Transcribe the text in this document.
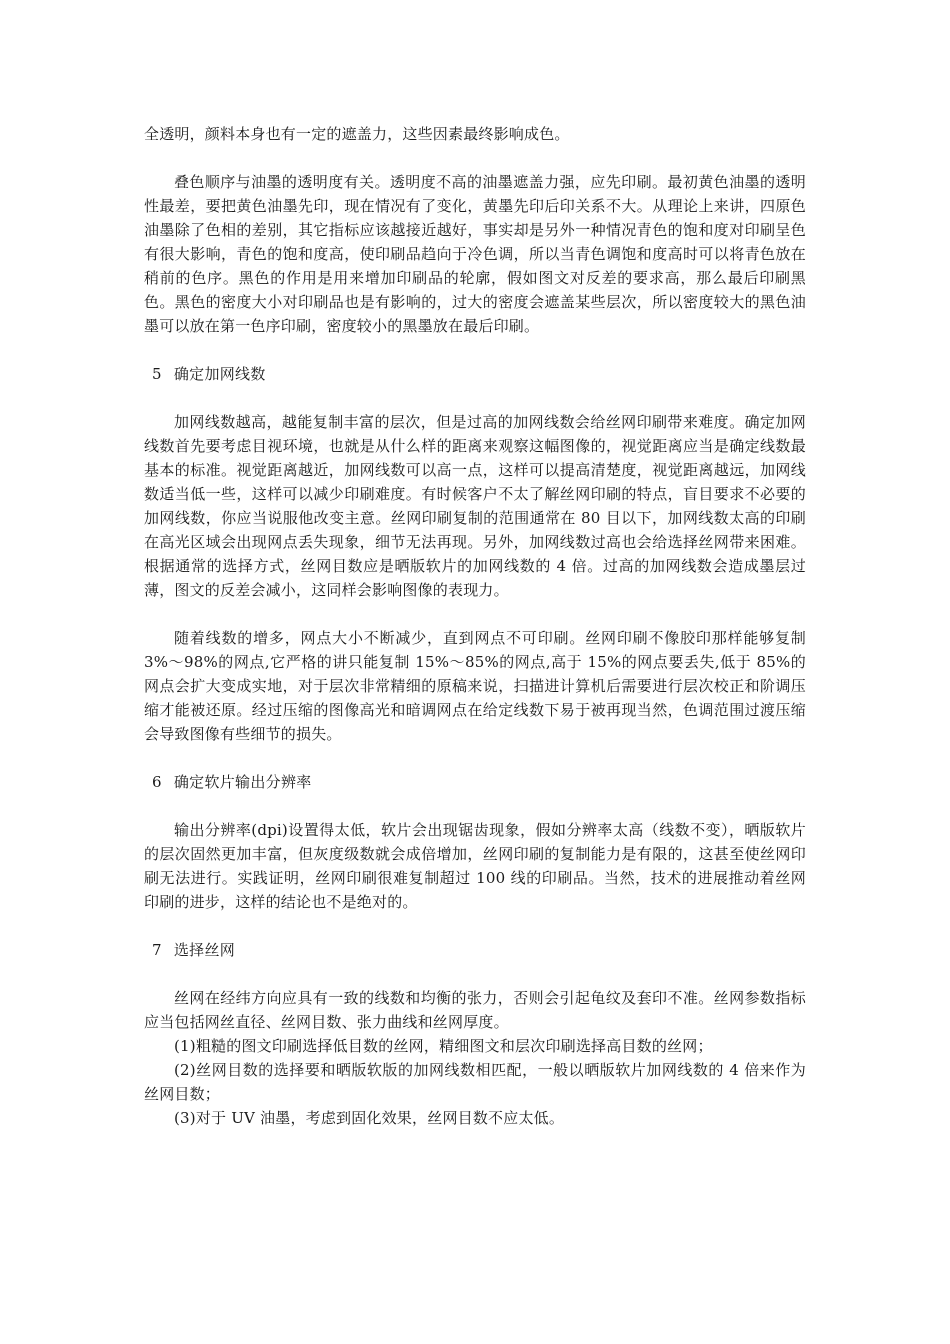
全透明，颜料本身也有一定的遮盖力，这些因素最终影响成色。

叠色顺序与油墨的透明度有关。透明度不高的油墨遮盖力强，应先印刷。最初黄色油墨的透明性最差，要把黄色油墨先印，现在情况有了变化，黄墨先印后印关系不大。从理论上来讲，四原色油墨除了色相的差别，其它指标应该越接近越好，事实却是另外一种情况青色的饱和度对印刷呈色有很大影响，青色的饱和度高，使印刷品趋向于冷色调，所以当青色调饱和度高时可以将青色放在稍前的色序。黑色的作用是用来增加印刷品的轮廓，假如图文对反差的要求高，那么最后印刷黑色。黑色的密度大小对印刷品也是有影响的，过大的密度会遮盖某些层次，所以密度较大的黑色油墨可以放在第一色序印刷，密度较小的黑墨放在最后印刷。

5 确定加网线数

加网线数越高，越能复制丰富的层次，但是过高的加网线数会给丝网印刷带来难度。确定加网线数首先要考虑目视环境，也就是从什么样的距离来观察这幅图像的，视觉距离应当是确定线数最基本的标准。视觉距离越近，加网线数可以高一点，这样可以提高清楚度，视觉距离越远，加网线数适当低一些，这样可以减少印刷难度。有时候客户不太了解丝网印刷的特点，盲目要求不必要的加网线数，你应当说服他改变主意。丝网印刷复制的范围通常在 80 目以下，加网线数太高的印刷在高光区域会出现网点丢失现象，细节无法再现。另外，加网线数过高也会给选择丝网带来困难。根据通常的选择方式，丝网目数应是晒版软片的加网线数的 4 倍。过高的加网线数会造成墨层过薄，图文的反差会减小，这同样会影响图像的表现力。

随着线数的增多，网点大小不断减少，直到网点不可印刷。丝网印刷不像胶印那样能够复制 3%～98%的网点,它严格的讲只能复制 15%～85%的网点,高于 15%的网点要丢失,低于 85%的网点会扩大变成实地，对于层次非常精细的原稿来说，扫描进计算机后需要进行层次校正和阶调压缩才能被还原。经过压缩的图像高光和暗调网点在给定线数下易于被再现当然，色调范围过渡压缩会导致图像有些细节的损失。

6 确定软片输出分辨率

输出分辨率(dpi)设置得太低，软片会出现锯齿现象，假如分辨率太高（线数不变），晒版软片的层次固然更加丰富，但灰度级数就会成倍增加，丝网印刷的复制能力是有限的，这甚至使丝网印刷无法进行。实践证明，丝网印刷很难复制超过 100 线的印刷品。当然，技术的进展推动着丝网印刷的进步，这样的结论也不是绝对的。

7 选择丝网

丝网在经纬方向应具有一致的线数和均衡的张力，否则会引起龟纹及套印不准。丝网参数指标应当包括网丝直径、丝网目数、张力曲线和丝网厚度。

(1)粗糙的图文印刷选择低目数的丝网，精细图文和层次印刷选择高目数的丝网；

(2)丝网目数的选择要和晒版软版的加网线数相匹配，一般以晒版软片加网线数的 4 倍来作为丝网目数；

(3)对于 UV 油墨，考虑到固化效果，丝网目数不应太低。
